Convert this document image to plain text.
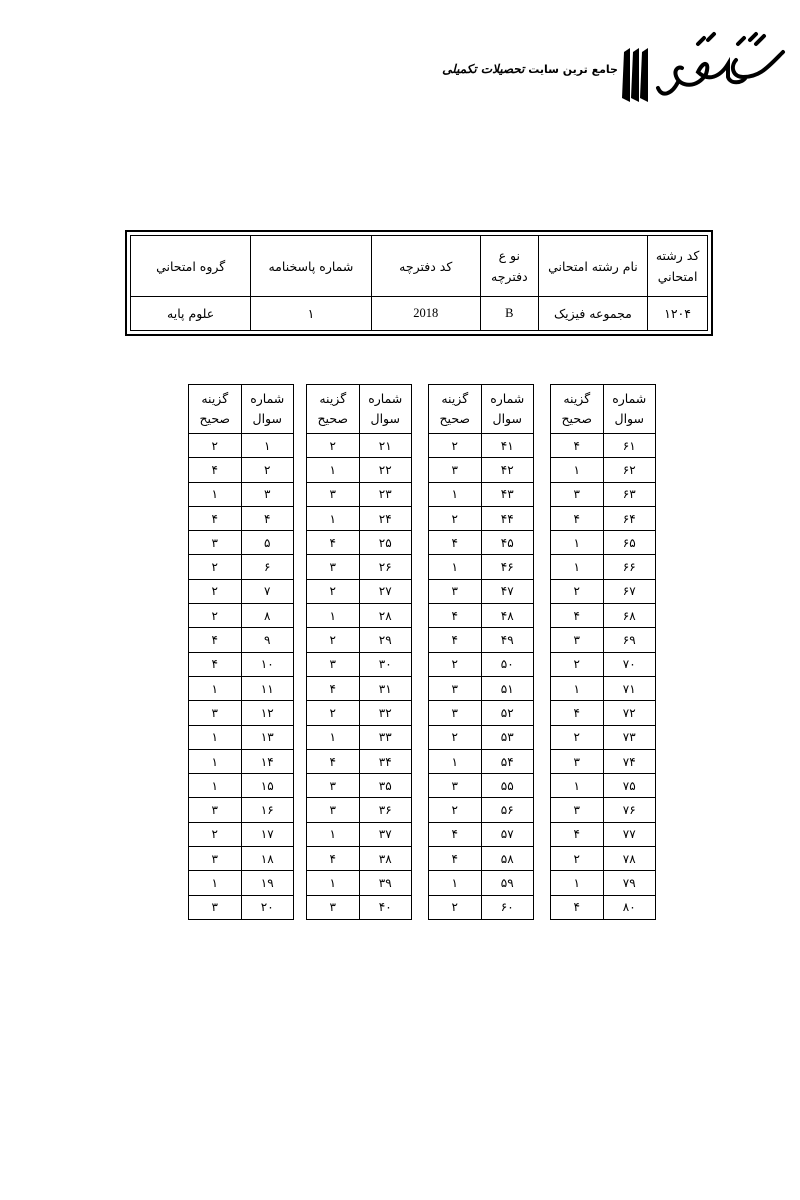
جامع ترین سایت تحصیلات تکمیلی
كد رشته امتحاني	نام رشته امتحاني	نو ع دفترچه	كد دفترچه	شماره پاسخنامه	گروه امتحاني
۱۲۰۴	مجموعه فيزيک	B	2018	۱	علوم پايه
شماره سوال	گزينه صحيح
۱	۲
۲	۴
۳	۱
۴	۴
۵	۳
۶	۲
۷	۲
۸	۲
۹	۴
۱۰	۴
۱۱	۱
۱۲	۳
۱۳	۱
۱۴	۱
۱۵	۱
۱۶	۳
۱۷	۲
۱۸	۳
۱۹	۱
۲۰	۳
شماره سوال	گزينه صحيح
۲۱	۲
۲۲	۱
۲۳	۳
۲۴	۱
۲۵	۴
۲۶	۳
۲۷	۲
۲۸	۱
۲۹	۲
۳۰	۳
۳۱	۴
۳۲	۲
۳۳	۱
۳۴	۴
۳۵	۳
۳۶	۳
۳۷	۱
۳۸	۴
۳۹	۱
۴۰	۳
شماره سوال	گزينه صحيح
۴۱	۲
۴۲	۳
۴۳	۱
۴۴	۲
۴۵	۴
۴۶	۱
۴۷	۳
۴۸	۴
۴۹	۴
۵۰	۲
۵۱	۳
۵۲	۳
۵۳	۲
۵۴	۱
۵۵	۳
۵۶	۲
۵۷	۴
۵۸	۴
۵۹	۱
۶۰	۲
شماره سوال	گزينه صحيح
۶۱	۴
۶۲	۱
۶۳	۳
۶۴	۴
۶۵	۱
۶۶	۱
۶۷	۲
۶۸	۴
۶۹	۳
۷۰	۲
۷۱	۱
۷۲	۴
۷۳	۲
۷۴	۳
۷۵	۱
۷۶	۳
۷۷	۴
۷۸	۲
۷۹	۱
۸۰	۴
